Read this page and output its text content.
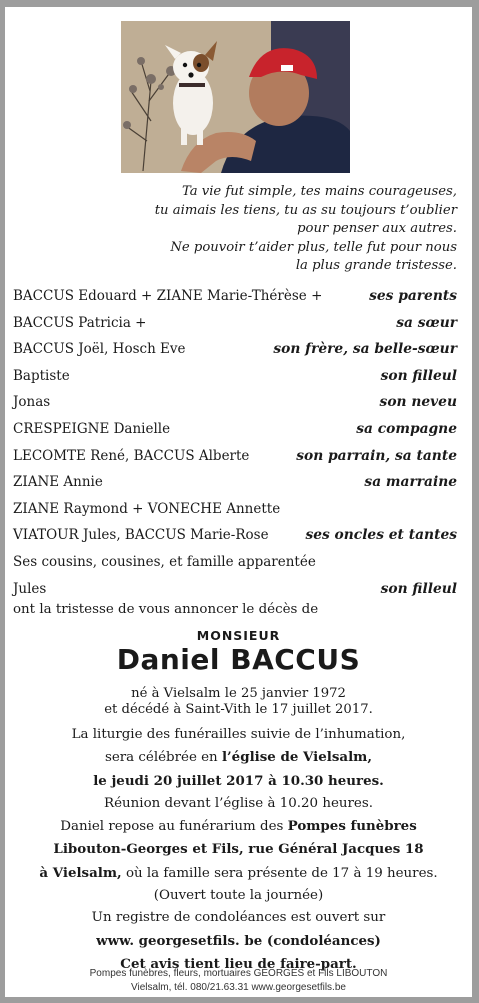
Ta vie fut simple, tes mains courageuses,
tu aimais les tiens, tu as su toujours t’oublier
pour penser aux autres.
Ne pouvoir t’aider plus, telle fut pour nous
la plus grande tristesse.
BACCUS Edouard + ZIANE Marie-Thérèse +	ses parents
BACCUS Patricia +	sa sœur
BACCUS Joël, Hosch Eve	son frère, sa belle-sœur
Baptiste	son filleul
Jonas	son neveu
CRESPEIGNE Danielle	sa compagne
LECOMTE René, BACCUS Alberte	son parrain, sa tante
ZIANE Annie	sa marraine
ZIANE Raymond + VONECHE Annette
VIATOUR Jules, BACCUS Marie-Rose	ses oncles et tantes
Ses cousins, cousines, et famille apparentée
Jules	son filleul
ont la tristesse de vous annoncer le décès de
MONSIEUR
Daniel BACCUS
né à Vielsalm le 25 janvier 1972
et décédé à Saint-Vith le 17 juillet 2017.
La liturgie des funérailles suivie de l’inhumation,
sera célébrée en l’église de Vielsalm,
le jeudi 20 juillet 2017 à 10.30 heures.
Réunion devant l’église à 10.20 heures.
Daniel repose au funérarium des Pompes funèbres
Libouton-Georges et Fils, rue Général Jacques 18
à Vielsalm, où la famille sera présente de 17 à 19 heures.
(Ouvert toute la journée)
Un registre de condoléances est ouvert sur
www. georgesetfils. be (condoléances)
Cet avis tient lieu de faire-part.
Pompes funèbres, fleurs, mortuaires GEORGES et Fils LIBOUTON
Vielsalm, tél. 080/21.63.31 www.georgesetfils.be
